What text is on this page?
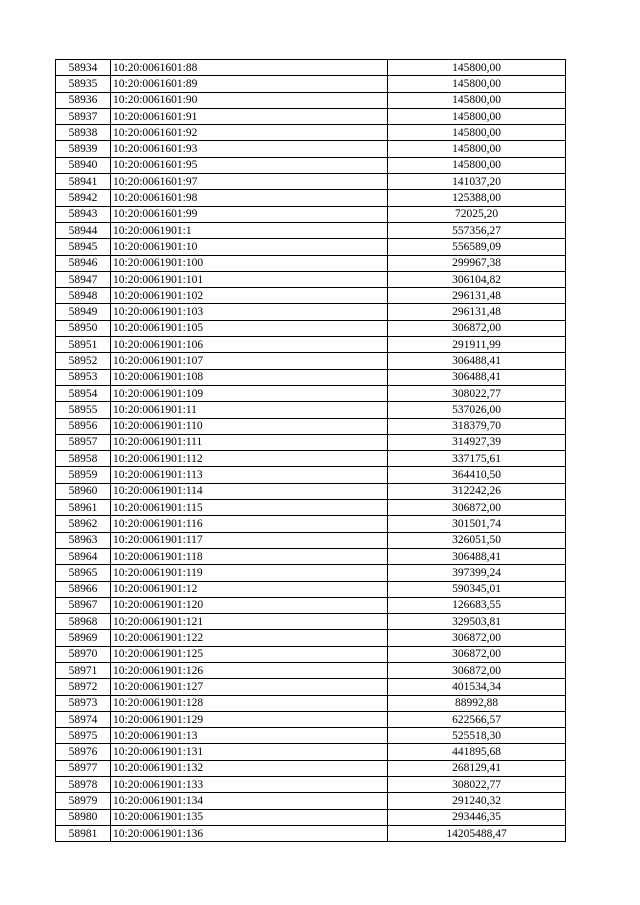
58934	10:20:0061601:88	145800,00
58935	10:20:0061601:89	145800,00
58936	10:20:0061601:90	145800,00
58937	10:20:0061601:91	145800,00
58938	10:20:0061601:92	145800,00
58939	10:20:0061601:93	145800,00
58940	10:20:0061601:95	145800,00
58941	10:20:0061601:97	141037,20
58942	10:20:0061601:98	125388,00
58943	10:20:0061601:99	72025,20
58944	10:20:0061901:1	557356,27
58945	10:20:0061901:10	556589,09
58946	10:20:0061901:100	299967,38
58947	10:20:0061901:101	306104,82
58948	10:20:0061901:102	296131,48
58949	10:20:0061901:103	296131,48
58950	10:20:0061901:105	306872,00
58951	10:20:0061901:106	291911,99
58952	10:20:0061901:107	306488,41
58953	10:20:0061901:108	306488,41
58954	10:20:0061901:109	308022,77
58955	10:20:0061901:11	537026,00
58956	10:20:0061901:110	318379,70
58957	10:20:0061901:111	314927,39
58958	10:20:0061901:112	337175,61
58959	10:20:0061901:113	364410,50
58960	10:20:0061901:114	312242,26
58961	10:20:0061901:115	306872,00
58962	10:20:0061901:116	301501,74
58963	10:20:0061901:117	326051,50
58964	10:20:0061901:118	306488,41
58965	10:20:0061901:119	397399,24
58966	10:20:0061901:12	590345,01
58967	10:20:0061901:120	126683,55
58968	10:20:0061901:121	329503,81
58969	10:20:0061901:122	306872,00
58970	10:20:0061901:125	306872,00
58971	10:20:0061901:126	306872,00
58972	10:20:0061901:127	401534,34
58973	10:20:0061901:128	88992,88
58974	10:20:0061901:129	622566,57
58975	10:20:0061901:13	525518,30
58976	10:20:0061901:131	441895,68
58977	10:20:0061901:132	268129,41
58978	10:20:0061901:133	308022,77
58979	10:20:0061901:134	291240,32
58980	10:20:0061901:135	293446,35
58981	10:20:0061901:136	14205488,47
